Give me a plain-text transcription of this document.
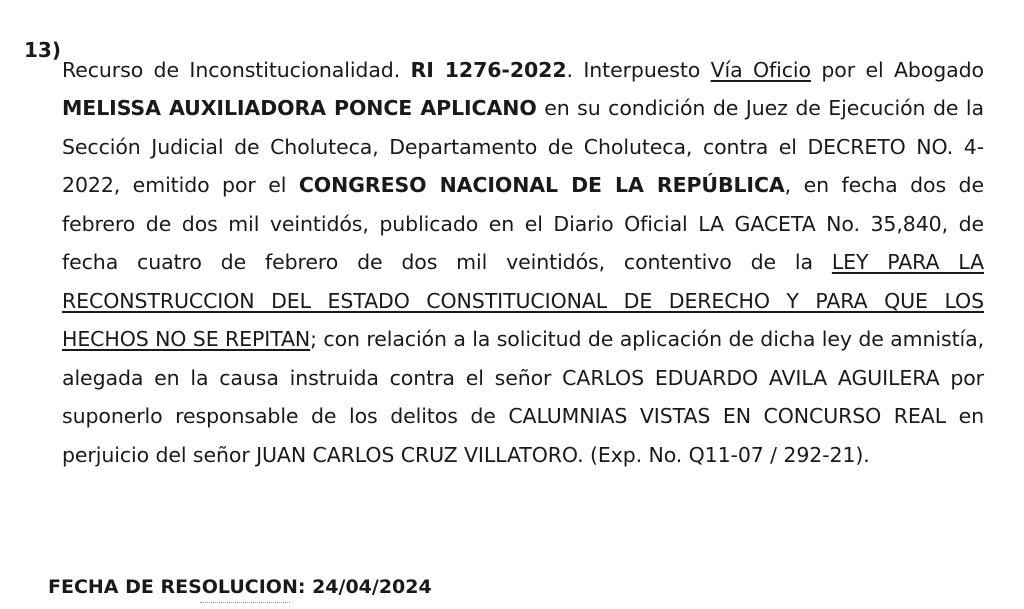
13)

Recurso de Inconstitucionalidad. RI 1276-2022. Interpuesto Vía Oficio por el Abogado MELISSA AUXILIADORA PONCE APLICANO en su condición de Juez de Ejecución de la Sección Judicial de Choluteca, Departamento de Choluteca, contra el DECRETO NO. 4-2022, emitido por el CONGRESO NACIONAL DE LA REPÚBLICA, en fecha dos de febrero de dos mil veintidós, publicado en el Diario Oficial LA GACETA No. 35,840, de fecha cuatro de febrero de dos mil veintidós, contentivo de la LEY PARA LA RECONSTRUCCION DEL ESTADO CONSTITUCIONAL DE DERECHO Y PARA QUE LOS HECHOS NO SE REPITAN; con relación a la solicitud de aplicación de dicha ley de amnistía, alegada en la causa instruida contra el señor CARLOS EDUARDO AVILA AGUILERA por suponerlo responsable de los delitos de CALUMNIAS VISTAS EN CONCURSO REAL en perjuicio del señor JUAN CARLOS CRUZ VILLATORO. (Exp. No. Q11-07 / 292-21).

FECHA DE RESOLUCION: 24/04/2024
